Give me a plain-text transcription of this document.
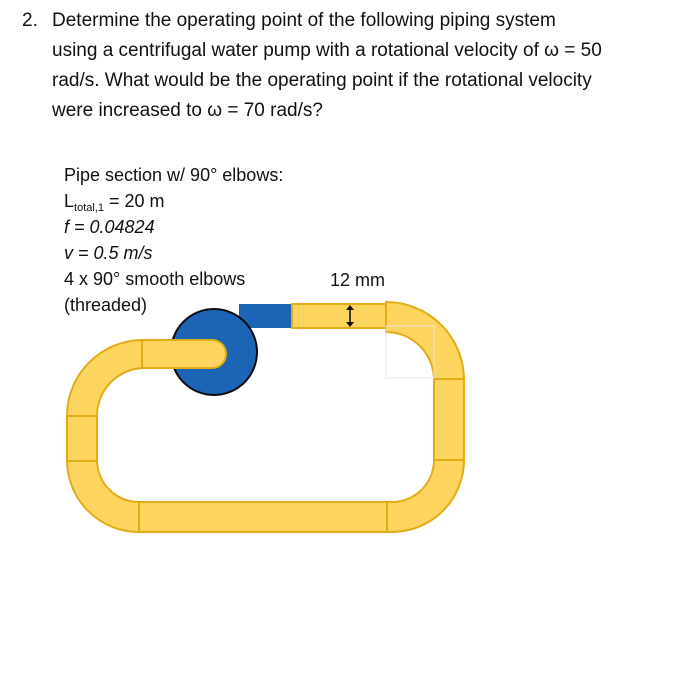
2. Determine the operating point of the following piping system
using a centrifugal water pump with a rotational velocity of ω = 50
rad/s. What would be the operating point if the rotational velocity
were increased to ω = 70 rad/s?
Pipe section w/ 90° elbows:
$L_{total,1} = 20$ m
f = 0.04824
v = 0.5 m/s
4 x 90° smooth elbows
(threaded)
12 mm
